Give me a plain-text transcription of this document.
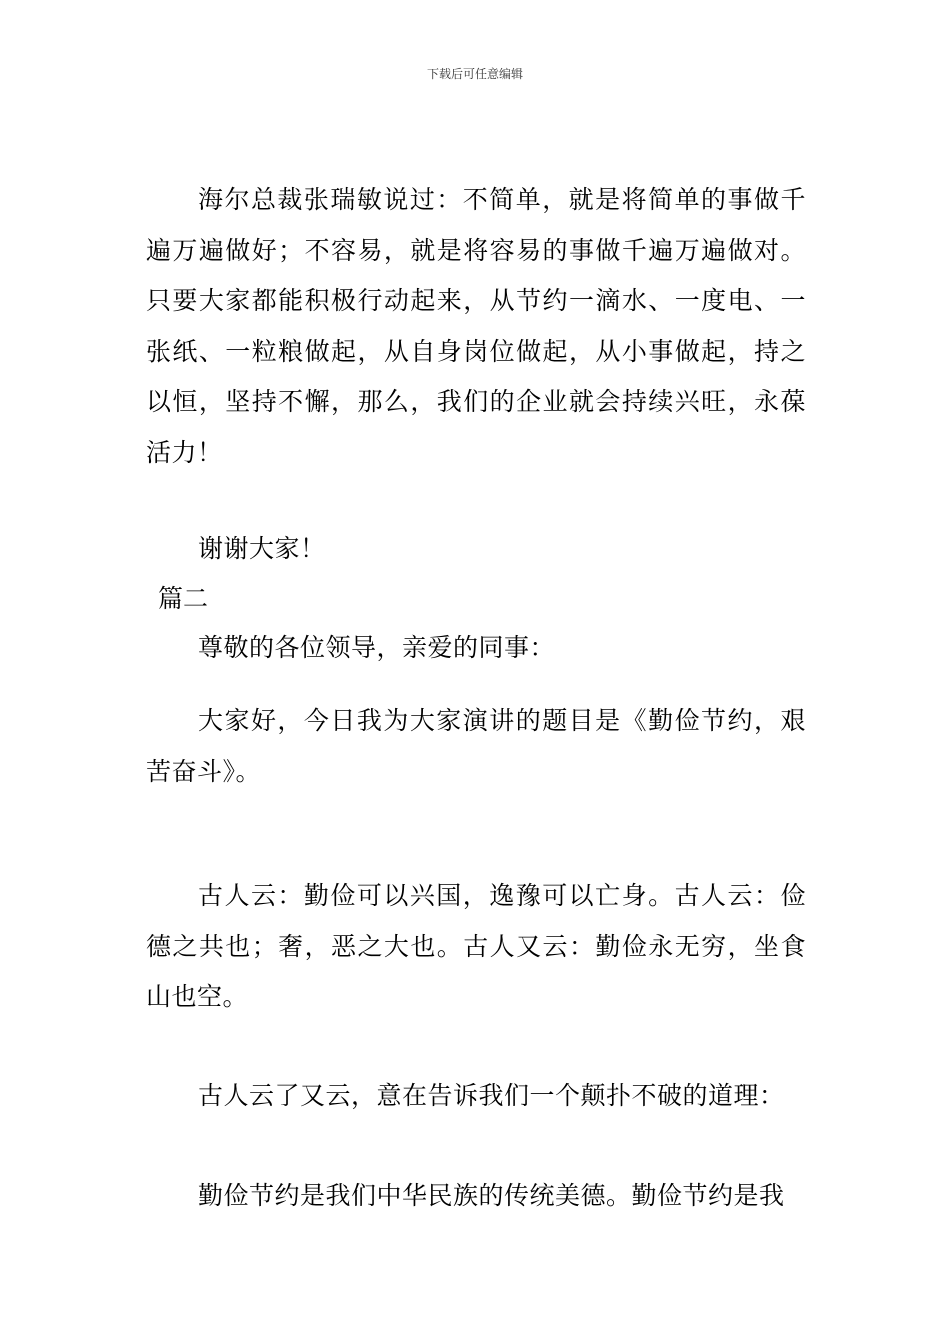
下载后可任意编辑

海尔总裁张瑞敏说过：不简单，就是将简单的事做千遍万遍做好；不容易，就是将容易的事做千遍万遍做对。只要大家都能积极行动起来，从节约一滴水、一度电、一张纸、一粒粮做起，从自身岗位做起，从小事做起，持之以恒，坚持不懈，那么，我们的企业就会持续兴旺，永葆活力！

谢谢大家！

篇二

尊敬的各位领导，亲爱的同事：

大家好，今日我为大家演讲的题目是《勤俭节约，艰苦奋斗》。

古人云：勤俭可以兴国，逸豫可以亡身。古人云：俭德之共也；奢，恶之大也。古人又云：勤俭永无穷，坐食山也空。

古人云了又云，意在告诉我们一个颠扑不破的道理：

勤俭节约是我们中华民族的传统美德。勤俭节约是我
